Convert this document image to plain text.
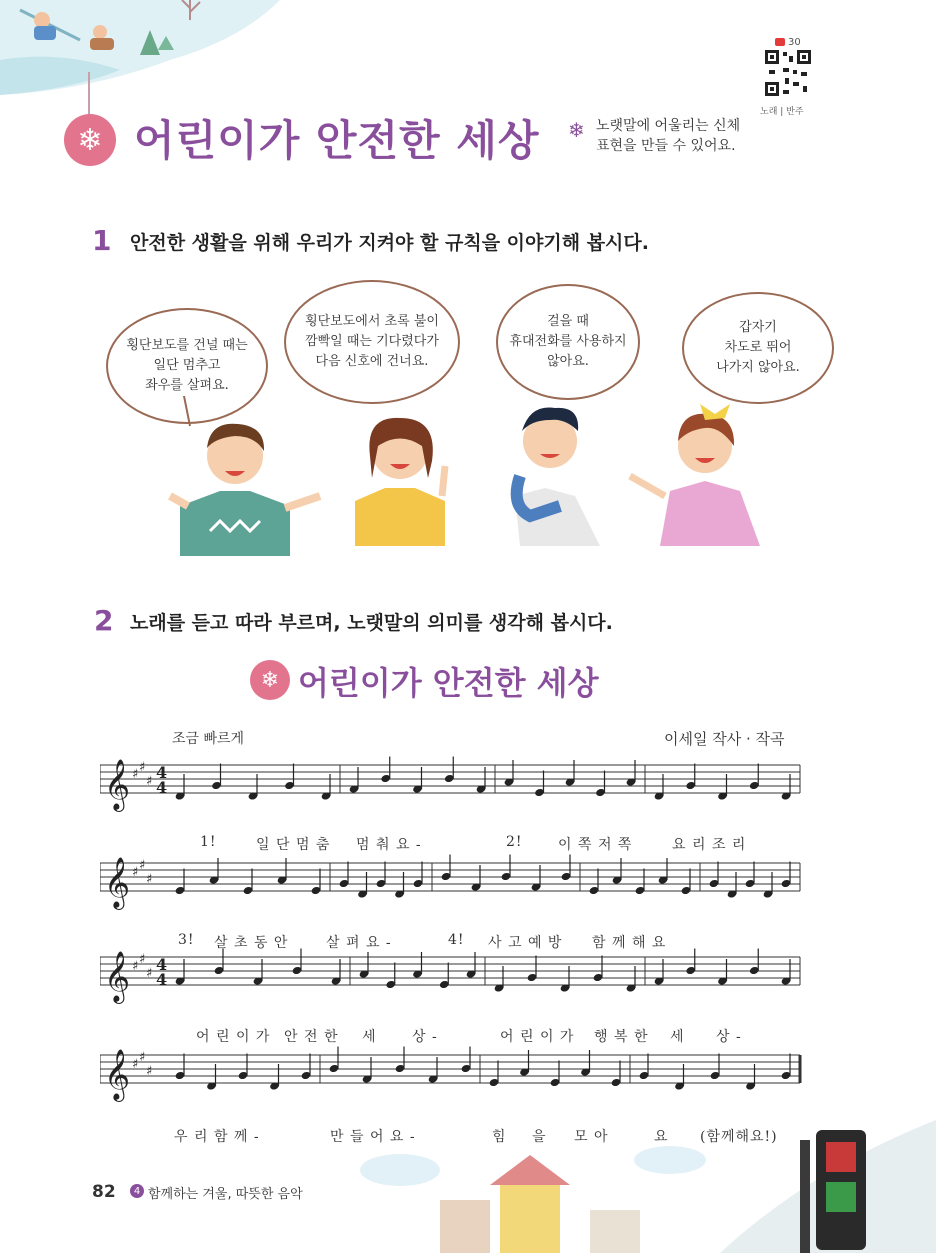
❄ 어린이가 안전한 세상 ❄ 노랫말에 어울리는 신체 표현을 만들 수 있어요.
30
노래 | 반주
1 안전한 생활을 위해 우리가 지켜야 할 규칙을 이야기해 봅시다.
횡단보도를 건널 때는
일단 멈추고
좌우를 살펴요.
횡단보도에서 초록 불이
깜빡일 때는 기다렸다가
다음 신호에 건너요.
걸을 때
휴대전화를 사용하지
않아요.
갑자기
차도로 뛰어
나가지 않아요.
2 노래를 듣고 따라 부르며, 노랫말의 의미를 생각해 봅시다.
❄ 어린이가 안전한 세상
조금 빠르게	이세일 작사 · 작곡
𝄞 ♯ ♯
♯ 4
4
𝄞 ♯ ♯
♯
𝄞 ♯ ♯
♯ 4
4
𝄞 ♯ ♯
♯
1!	일 단 멈 춤 멈 춰 요 -	2!	이 쪽 저 쪽	요 리 조 리
3! 살 초 동 안	살 펴 요 -	4! 사 고 예 방 함 께 해 요
어 린 이 가 안 전 한 세	상 -	어 린 이 가 행 복 한 세 상 -
우 리 함 께 -	만 들 어 요 -	힘 을 모 아	요 (함께해요!)
82	4 함께하는 겨울, 따뜻한 음악
